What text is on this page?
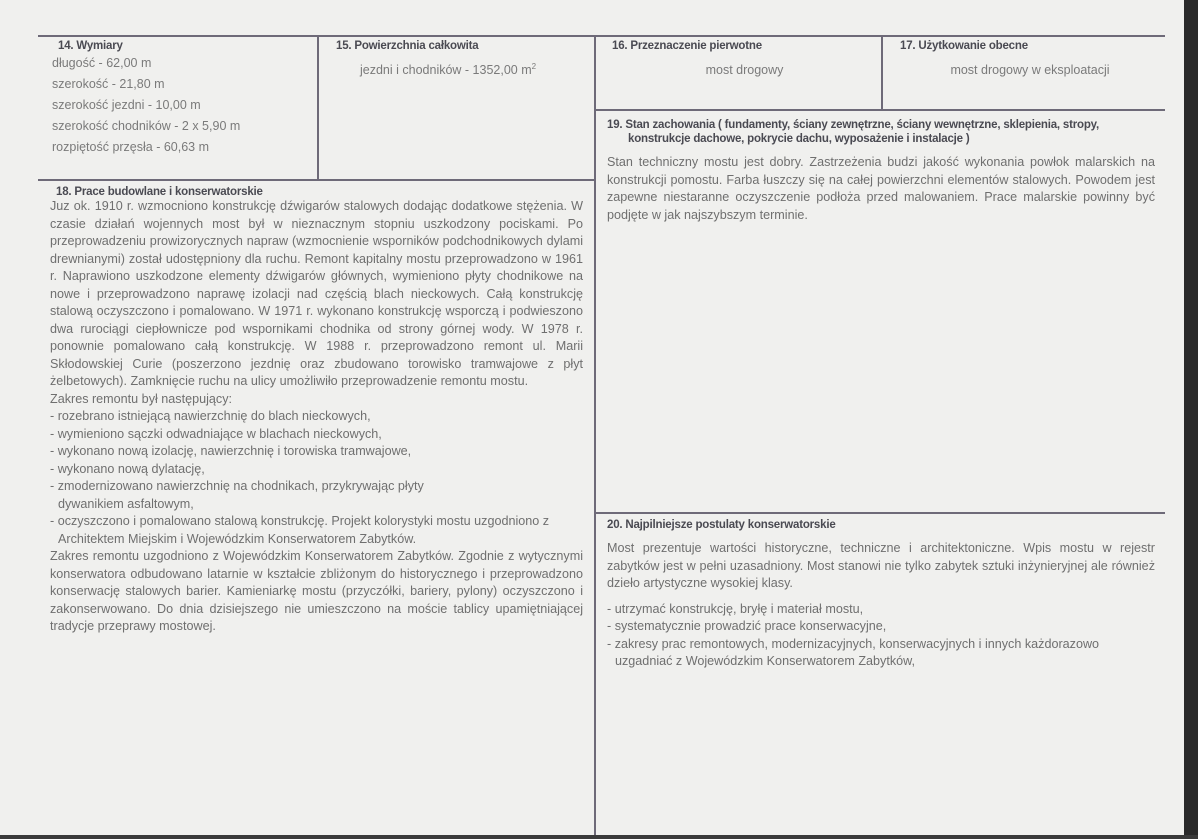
14. Wymiary
długość - 62,00 m
szerokość - 21,80 m
szerokość jezdni - 10,00 m
szerokość chodników - 2 x 5,90 m
rozpiętość przęsła - 60,63 m
15. Powierzchnia całkowita
jezdni i chodników - 1352,00 $m^2$
16. Przeznaczenie pierwotne
most drogowy
17. Użytkowanie obecne
most drogowy w eksploatacji
18. Prace budowlane i konserwatorskie
Juz ok. 1910 r. wzmocniono konstrukcję dźwigarów stalowych dodając dodatkowe stężenia. W czasie działań wojennych most był w nieznacznym stopniu uszkodzony pociskami. Po przeprowadzeniu prowizorycznych napraw (wzmocnienie wsporników podchodnikowych dylami drewnianymi) został udostępniony dla ruchu. Remont kapitalny mostu przeprowadzono w 1961 r. Naprawiono uszkodzone elementy dźwigarów głównych, wymieniono płyty chodnikowe na nowe i przeprowadzono naprawę izolacji nad częścią blach nieckowych. Całą konstrukcję stalową oczyszczono i pomalowano. W 1971 r. wykonano konstrukcję wsporczą i podwieszono dwa rurociągi ciepłownicze pod wspornikami chodnika od strony górnej wody. W 1978 r. ponownie pomalowano całą konstrukcję. W 1988 r. przeprowadzono remont ul. Marii Skłodowskiej Curie (poszerzono jezdnię oraz zbudowano torowisko tramwajowe z płyt żelbetowych). Zamknięcie ruchu na ulicy umożliwiło przeprowadzenie remontu mostu.
Zakres remontu był następujący:
- rozebrano istniejącą nawierzchnię do blach nieckowych,
- wymieniono sączki odwadniające w blachach nieckowych,
- wykonano nową izolację, nawierzchnię i torowiska tramwajowe,
- wykonano nową dylatację,
- zmodernizowano nawierzchnię na chodnikach, przykrywając płyty dywanikiem asfaltowym,
- oczyszczono i pomalowano stalową konstrukcję. Projekt kolorystyki mostu uzgodniono z Architektem Miejskim i Wojewódzkim Konserwatorem Zabytków.
Zakres remontu uzgodniono z Wojewódzkim Konserwatorem Zabytków. Zgodnie z wytycznymi konserwatora odbudowano latarnie w kształcie zbliżonym do historycznego i przeprowadzono konserwację stalowych barier. Kamieniarkę mostu (przyczółki, bariery, pylony) oczyszczono i zakonserwowano. Do dnia dzisiejszego nie umieszczono na moście tablicy upamiętniającej tradycje przeprawy mostowej.
19. Stan zachowania ( fundamenty, ściany zewnętrzne, ściany wewnętrzne, sklepienia, stropy, konstrukcje dachowe, pokrycie dachu, wyposażenie i instalacje )
Stan techniczny mostu jest dobry. Zastrzeżenia budzi jakość wykonania powłok malarskich na konstrukcji pomostu. Farba łuszczy się na całej powierzchni elementów stalowych. Powodem jest zapewne niestaranne oczyszczenie podłoża przed malowaniem. Prace malarskie powinny być podjęte w jak najszybszym terminie.
20. Najpilniejsze postulaty konserwatorskie
Most prezentuje wartości historyczne, techniczne i architektoniczne. Wpis mostu w rejestr zabytków jest w pełni uzasadniony. Most stanowi nie tylko zabytek sztuki inżynieryjnej ale również dzieło artystyczne wysokiej klasy.
- utrzymać konstrukcję, bryłę i materiał mostu,
- systematycznie prowadzić prace konserwacyjne,
- zakresy prac remontowych, modernizacyjnych, konserwacyjnych i innych każdorazowo uzgadniać z Wojewódzkim Konserwatorem Zabytków,
